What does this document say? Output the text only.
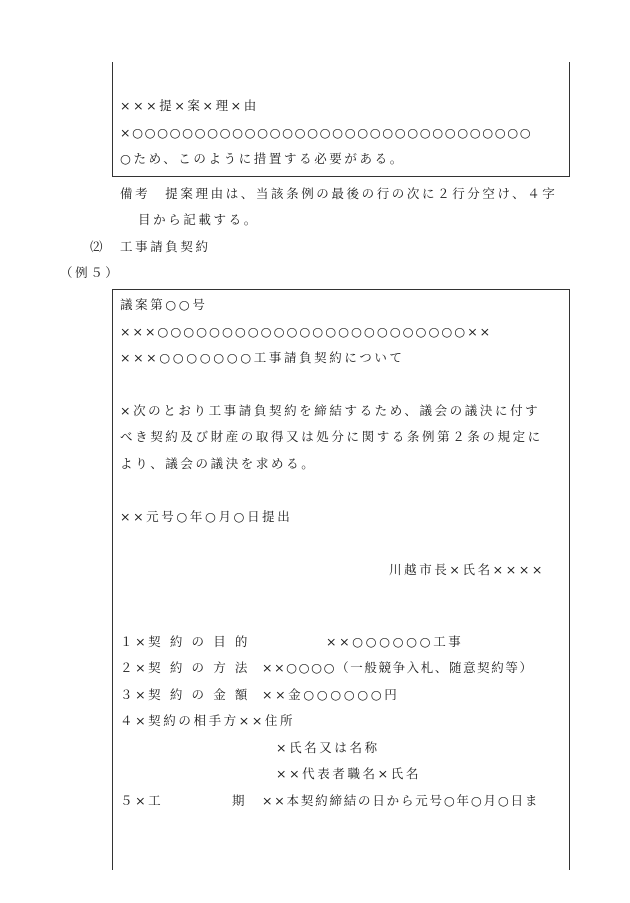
×××提×案×理×由
×○○○○○○○○○○○○○○○○○○○○○○○○○○○○○○○○
○ため、このように措置する必要がある。
備考　提案理由は、当該条例の最後の行の次に２行分空け、４字
目から記載する。
⑵ 工事請負契約
（例５）
議案第○○号
×××○○○○○○○○○○○○○○○○○○○○○○○○××
×××○○○○○○○工事請負契約について
×次のとおり工事請負契約を締結するため、議会の議決に付す
べき契約及び財産の取得又は処分に関する条例第２条の規定に
より、議会の議決を求める。
××元号○年○月○日提出
川越市長×氏名××××
１×契 約 の 目 的	××○○○○○○工事
２×契 約 の 方 法 ××○○○○（一般競争入札、随意契約等）
３×契 約 の 金 額 ××金○○○○○○円
４×契約の相手方××住所
×氏名又は名称
××代表者職名×氏名
５×工	期 ××本契約締結の日から元号○年○月○日ま
